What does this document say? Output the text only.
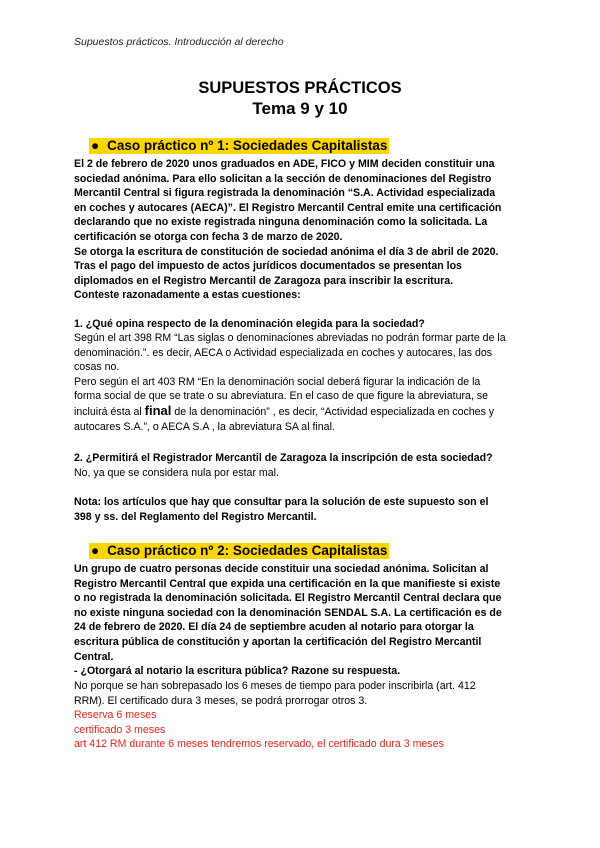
Supuestos prácticos. Introducción al derecho
SUPUESTOS PRÁCTICOS
Tema 9 y 10
● Caso práctico nº 1: Sociedades Capitalistas
El 2 de febrero de 2020 unos graduados en ADE, FICO y MIM deciden constituir una
sociedad anónima. Para ello solicitan a la sección de denominaciones del Registro
Mercantil Central si figura registrada la denominación “S.A. Actividad especializada
en coches y autocares (AECA)”. El Registro Mercantil Central emite una certificación
declarando que no existe registrada ninguna denominación como la solicitada. La
certificación se otorga con fecha 3 de marzo de 2020.
Se otorga la escritura de constitución de sociedad anónima el día 3 de abril de 2020.
Tras el pago del impuesto de actos jurídicos documentados se presentan los
diplomados en el Registro Mercantil de Zaragoza para inscribir la escritura.
Conteste razonadamente a estas cuestiones:
1. ¿Qué opina respecto de la denominación elegida para la sociedad?
Según el art 398 RM “Las siglas o denominaciones abreviadas no podrán formar parte de la
denominación.”. es decir, AECA o Actividad especializada en coches y autocares, las dos
cosas no.
Pero según el art 403 RM “En la denominación social deberá figurar la indicación de la
forma social de que se trate o su abreviatura. En el caso de que figure la abreviatura, se
incluirá ésta al final de la denominación” , es decir, “Actividad especializada en coches y
autocares S.A.”, o AECA S.A , la abreviatura SA al final.
2. ¿Permitirá el Registrador Mercantil de Zaragoza la inscripción de esta sociedad?
No, ya que se considera nula por estar mal.
Nota: los artículos que hay que consultar para la solución de este supuesto son el
398 y ss. del Reglamento del Registro Mercantil.
● Caso práctico nº 2: Sociedades Capitalistas
Un grupo de cuatro personas decide constituir una sociedad anónima. Solicitan al
Registro Mercantil Central que expida una certificación en la que manifieste si existe
o no registrada la denominación solicitada. El Registro Mercantil Central declara que
no existe ninguna sociedad con la denominación SENDAL S.A. La certificación es de
24 de febrero de 2020. El día 24 de septiembre acuden al notario para otorgar la
escritura pública de constitución y aportan la certificación del Registro Mercantil
Central.
- ¿Otorgará al notario la escritura pública? Razone su respuesta.
No porque se han sobrepasado los 6 meses de tiempo para poder inscribirla (art. 412
RRM). El certificado dura 3 meses, se podrá prorrogar otros 3.
Reserva 6 meses
certificado 3 meses
art 412 RM durante 6 meses tendremos reservado, el certificado dura 3 meses
